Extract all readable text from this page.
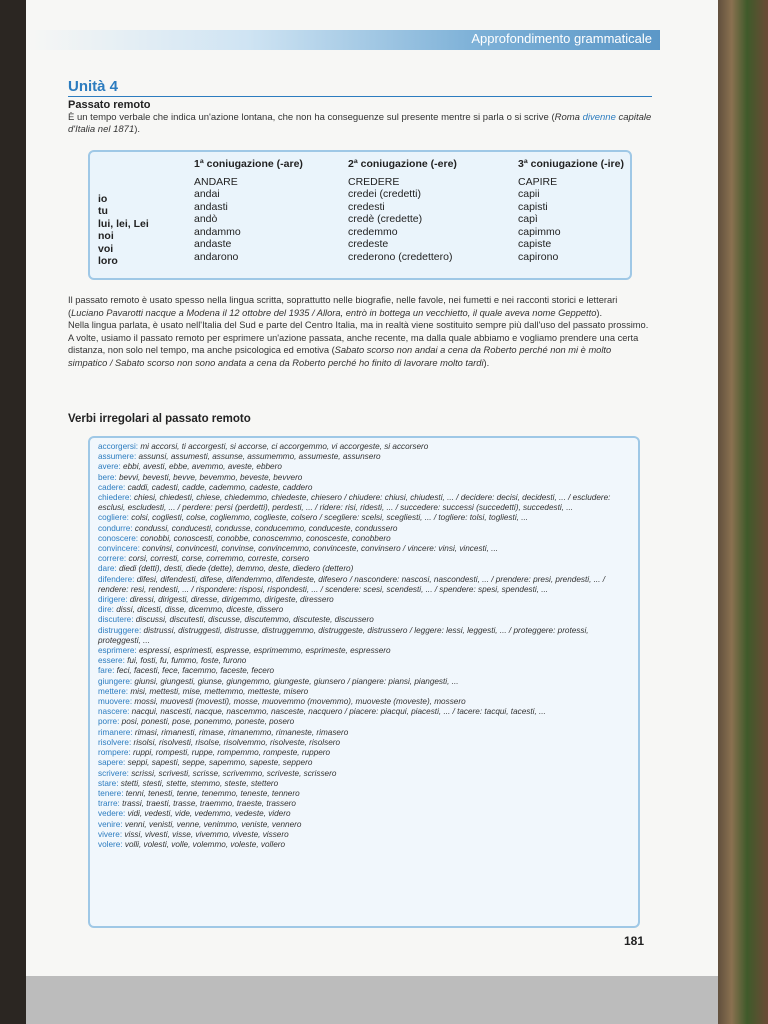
Approfondimento grammaticale
Unità 4
Passato remoto
È un tempo verbale che indica un'azione lontana, che non ha conseguenze sul presente mentre si parla o si scrive (Roma divenne capitale d'Italia nel 1871).
io
tu
lui, lei, Lei
noi
voi
loro
1ª coniugazione (-are)
ANDARE
andai
andasti
andò
andammo
andaste
andarono
2ª coniugazione (-ere)
CREDERE
credei (credetti)
credesti
credè (credette)
credemmo
credeste
crederono (credettero)
3ª coniugazione (-ire)
CAPIRE
capii
capisti
capì
capimmo
capiste
capirono
Il passato remoto è usato spesso nella lingua scritta, soprattutto nelle biografie, nelle favole, nei fumetti e nei racconti storici e letterari (Luciano Pavarotti nacque a Modena il 12 ottobre del 1935 / Allora, entrò in bottega un vecchietto, il quale aveva nome Geppetto).
Nella lingua parlata, è usato nell'Italia del Sud e parte del Centro Italia, ma in realtà viene sostituito sempre più dall'uso del passato prossimo. A volte, usiamo il passato remoto per esprimere un'azione passata, anche recente, ma dalla quale abbiamo e vogliamo prendere una certa distanza, non solo nel tempo, ma anche psicologica ed emotiva (Sabato scorso non andai a cena da Roberto perché non mi è molto simpatico / Sabato scorso non sono andata a cena da Roberto perché ho finito di lavorare molto tardi).
Verbi irregolari al passato remoto
accorgersi: mi accorsi, ti accorgesti, si accorse, ci accorgemmo, vi accorgeste, si accorsero
assumere: assunsi, assumesti, assunse, assumemmo, assumeste, assunsero
avere: ebbi, avesti, ebbe, avemmo, aveste, ebbero
bere: bevvi, bevesti, bevve, bevemmo, beveste, bevvero
cadere: caddi, cadesti, cadde, cademmo, cadeste, caddero
chiedere: chiesi, chiedesti, chiese, chiedemmo, chiedeste, chiesero / chiudere: chiusi, chiudesti, ... / decidere: decisi, decidesti, ... / escludere: esclusi, escludesti, ... / perdere: persi (perdetti), perdesti, ... / ridere: risi, ridesti, ... / succedere: successi (succedetti), succedesti, ...
cogliere: colsi, cogliesti, colse, cogliemmo, coglieste, colsero / scegliere: scelsi, scegliesti, ... / togliere: tolsi, togliesti, ...
condurre: condussi, conducesti, condusse, conducemmo, conduceste, condussero
conoscere: conobbi, conoscesti, conobbe, conoscemmo, conosceste, conobbero
convincere: convinsi, convincesti, convinse, convincemmo, convinceste, convinsero / vincere: vinsi, vincesti, ...
correre: corsi, corresti, corse, corremmo, correste, corsero
dare: diedi (detti), desti, diede (dette), demmo, deste, diedero (dettero)
difendere: difesi, difendesti, difese, difendemmo, difendeste, difesero / nascondere: nascosi, nascondesti, ... / prendere: presi, prendesti, ... / rendere: resi, rendesti, ... / rispondere: risposi, rispondesti, ... / scendere: scesi, scendesti, ... / spendere: spesi, spendesti, ...
dirigere: diressi, dirigesti, diresse, dirigemmo, dirigeste, diressero
dire: dissi, dicesti, disse, dicemmo, diceste, dissero
discutere: discussi, discutesti, discusse, discutemmo, discuteste, discussero
distruggere: distrussi, distruggesti, distrusse, distruggemmo, distruggeste, distrussero / leggere: lessi, leggesti, ... / proteggere: protessi, proteggesti, ...
esprimere: espressi, esprimesti, espresse, esprimemmo, esprimeste, espressero
essere: fui, fosti, fu, fummo, foste, furono
fare: feci, facesti, fece, facemmo, faceste, fecero
giungere: giunsi, giungesti, giunse, giungemmo, giungeste, giunsero / piangere: piansi, piangesti, ...
mettere: misi, mettesti, mise, mettemmo, metteste, misero
muovere: mossi, muovesti (movesti), mosse, muovemmo (movemmo), muoveste (moveste), mossero
nascere: nacqui, nascesti, nacque, nascemmo, nasceste, nacquero / piacere: piacqui, piacesti, ... / tacere: tacqui, tacesti, ...
porre: posi, ponesti, pose, ponemmo, poneste, posero
rimanere: rimasi, rimanesti, rimase, rimanemmo, rimaneste, rimasero
risolvere: risolsi, risolvesti, risolse, risolvemmo, risolveste, risolsero
rompere: ruppi, rompesti, ruppe, rompemmo, rompeste, ruppero
sapere: seppi, sapesti, seppe, sapemmo, sapeste, seppero
scrivere: scrissi, scrivesti, scrisse, scrivemmo, scriveste, scrissero
stare: stetti, stesti, stette, stemmo, steste, stettero
tenere: tenni, tenesti, tenne, tenemmo, teneste, tennero
trarre: trassi, traesti, trasse, traemmo, traeste, trassero
vedere: vidi, vedesti, vide, vedemmo, vedeste, videro
venire: venni, venisti, venne, venimmo, veniste, vennero
vivere: vissi, vivesti, visse, vivemmo, viveste, vissero
volere: volli, volesti, volle, volemmo, voleste, vollero
181
